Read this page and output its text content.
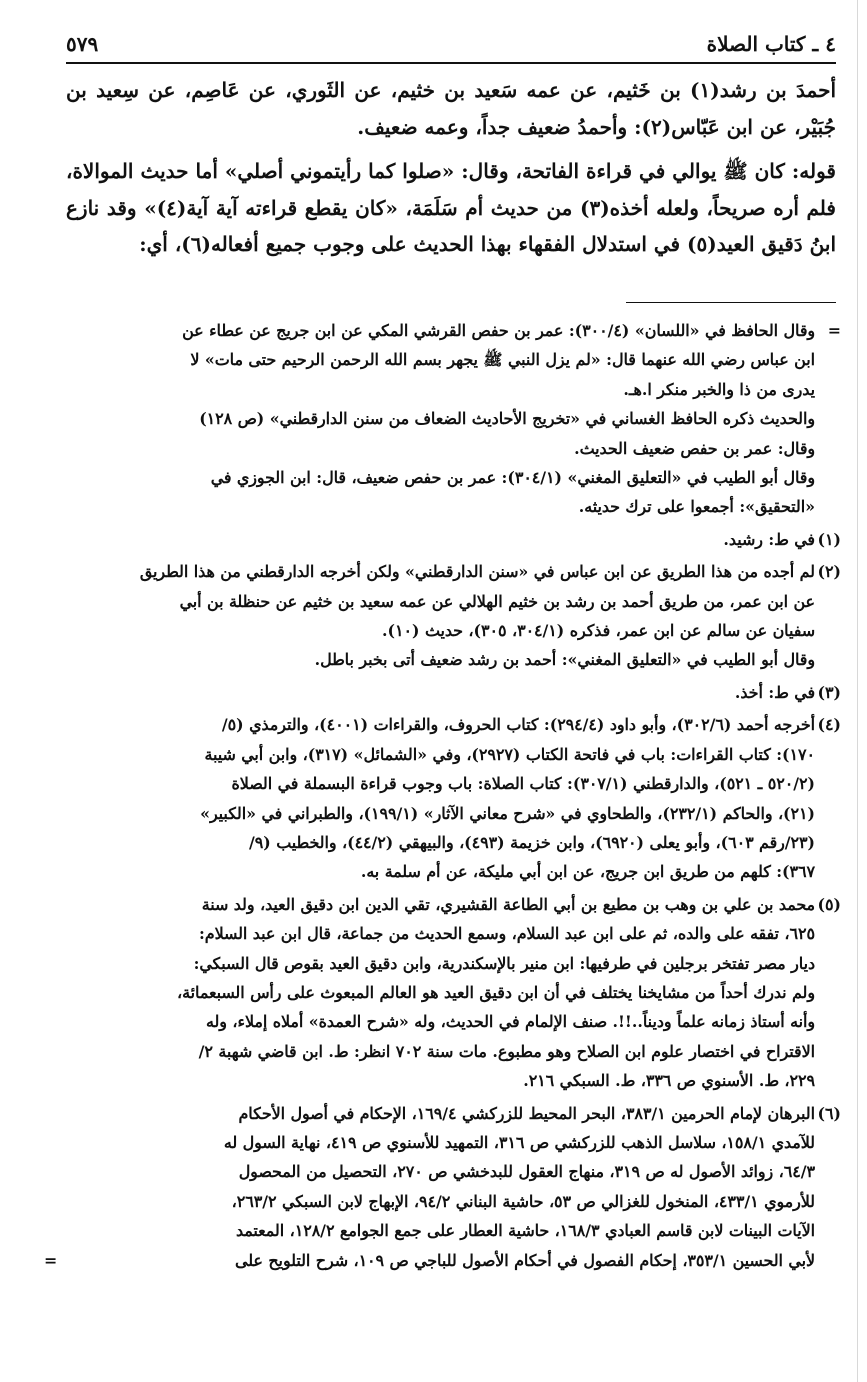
٤ ـ كتاب الصلاة
٥٧٩

أحمدَ بن رشد(١) بن خَثيم، عن عمه سَعيد بن خثيم، عن الثَوري، عن عَاصِم، عن سِعيد بن جُبَيْر، عن ابن عَبّاس(٢): وأحمدُ ضعيف جداً، وعمه ضعيف.

قوله: كان ﷺ يوالي في قراءة الفاتحة، وقال: «صلوا كما رأيتموني أصلي» أما حديث الموالاة، فلم أره صريحاً، ولعله أخذه(٣) من حديث أم سَلَمَة، «كان يقطع قراءته آية آية(٤)» وقد نازع ابنُ دَقيق العيد(٥) في استدلال الفقهاء بهذا الحديث على وجوب جميع أفعاله(٦)، أي:

=
وقال الحافظ في «اللسان» (٣٠٠/٤): عمر بن حفص القرشي المكي عن ابن جريج عن عطاء عن
ابن عباس رضي الله عنهما قال: «لم يزل النبي ﷺ يجهر بسم الله الرحمن الرحيم حتى مات» لا
يدرى من ذا والخبر منكر ا.هـ.
والحديث ذكره الحافظ الغساني في «تخريج الأحاديث الضعاف من سنن الدارقطني» (ص ١٢٨)
وقال: عمر بن حفص ضعيف الحديث.
وقال أبو الطيب في «التعليق المغني» (٣٠٤/١): عمر بن حفص ضعيف، قال: ابن الجوزي في
«التحقيق»: أجمعوا على ترك حديثه.
(١)
في ط: رشيد.
(٢)
لم أجده من هذا الطريق عن ابن عباس في «سنن الدارقطني» ولكن أخرجه الدارقطني من هذا الطريق
عن ابن عمر، من طريق أحمد بن رشد بن خثيم الهلالي عن عمه سعيد بن خثيم عن حنظلة بن أبي
سفيان عن سالم عن ابن عمر، فذكره (٣٠٤/١، ٣٠٥)، حديث (١٠).
وقال أبو الطيب في «التعليق المغني»: أحمد بن رشد ضعيف أتى بخبر باطل.
(٣)
في ط: أخذ.
(٤)
أخرجه أحمد (٣٠٢/٦)، وأبو داود (٢٩٤/٤): كتاب الحروف، والقراءات (٤٠٠١)، والترمذي (٥/
١٧٠): كتاب القراءات: باب في فاتحة الكتاب (٢٩٢٧)، وفي «الشمائل» (٣١٧)، وابن أبي شيبة
(٥٢٠/٢ ـ ٥٢١)، والدارقطني (٣٠٧/١): كتاب الصلاة: باب وجوب قراءة البسملة في الصلاة
(٢١)، والحاكم (٢٣٢/١)، والطحاوي في «شرح معاني الآثار» (١٩٩/١)، والطبراني في «الكبير»
(٢٣/رقم ٦٠٣)، وأبو يعلى (٦٩٢٠)، وابن خزيمة (٤٩٣)، والبيهقي (٤٤/٢)، والخطيب (٩/
٣٦٧): كلهم من طريق ابن جريج، عن ابن أبي مليكة، عن أم سلمة به.
(٥)
محمد بن علي بن وهب بن مطيع بن أبي الطاعة القشيري، تقي الدين ابن دقيق العيد، ولد سنة
٦٢٥، تفقه على والده، ثم على ابن عبد السلام، وسمع الحديث من جماعة، قال ابن عبد السلام:
ديار مصر تفتخر برجلين في طرفيها: ابن منير بالإسكندرية، وابن دقيق العيد بقوص قال السبكي:
ولم ندرك أحداً من مشايخنا يختلف في أن ابن دقيق العيد هو العالم المبعوث على رأس السبعمائة،
وأنه أستاذ زمانه علماً وديناً..!!. صنف الإلمام في الحديث، وله «شرح العمدة» أملاه إملاء، وله
الاقتراح في اختصار علوم ابن الصلاح وهو مطبوع. مات سنة ٧٠٢ انظر: ط. ابن قاضي شهبة ٢/
٢٢٩، ط. الأسنوي ص ٣٣٦، ط. السبكي ٢١٦.
(٦)
البرهان لإمام الحرمين ٣٨٣/١، البحر المحيط للزركشي ١٦٩/٤، الإحكام في أصول الأحكام
للآمدي ١٥٨/١، سلاسل الذهب للزركشي ص ٣١٦، التمهيد للأسنوي ص ٤١٩، نهاية السول له
٦٤/٣، زوائد الأصول له ص ٣١٩، منهاج العقول للبدخشي ص ٢٧٠، التحصيل من المحصول
للأرموي ٤٣٣/١، المنخول للغزالي ص ٥٣، حاشية البناني ٩٤/٢، الإبهاج لابن السبكي ٢٦٣/٢،
الآيات البينات لابن قاسم العبادي ١٦٨/٣، حاشية العطار على جمع الجوامع ١٢٨/٢، المعتمد
لأبي الحسين ٣٥٣/١، إحكام الفصول في أحكام الأصول للباجي ص ١٠٩، شرح التلويح على
=
